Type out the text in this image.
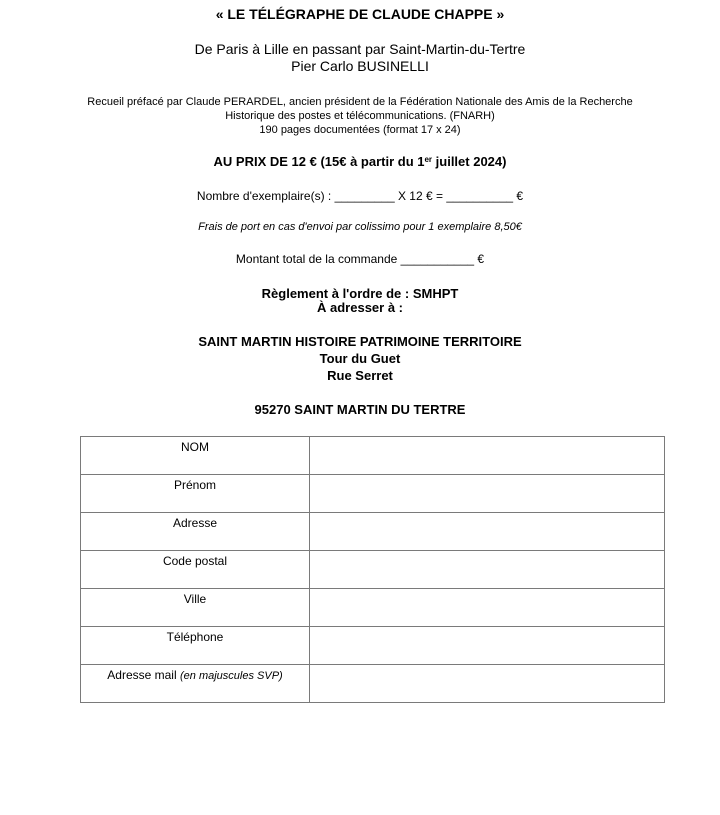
« LE TÉLÉGRAPHE DE CLAUDE CHAPPE »
De Paris à Lille en passant par Saint-Martin-du-Tertre
Pier Carlo BUSINELLI
Recueil préfacé par Claude PERARDEL, ancien président de la Fédération Nationale des Amis de la Recherche
Historique des postes et télécommunications. (FNARH)
190 pages documentées (format 17 x 24)
AU PRIX DE 12 € (15€ à partir du 1er juillet 2024)
Nombre d'exemplaire(s) : _________ X 12 € = __________ €
Frais de port en cas d'envoi par colissimo pour 1 exemplaire 8,50€
Montant total de la commande ___________ €
Règlement à l'ordre de : SMHPT
À adresser à :
SAINT MARTIN HISTOIRE PATRIMOINE TERRITOIRE
Tour du Guet
Rue Serret
95270 SAINT MARTIN DU TERTRE
NOM	
Prénom	
Adresse	
Code postal	
Ville	
Téléphone	
Adresse mail (en majuscules SVP)	
